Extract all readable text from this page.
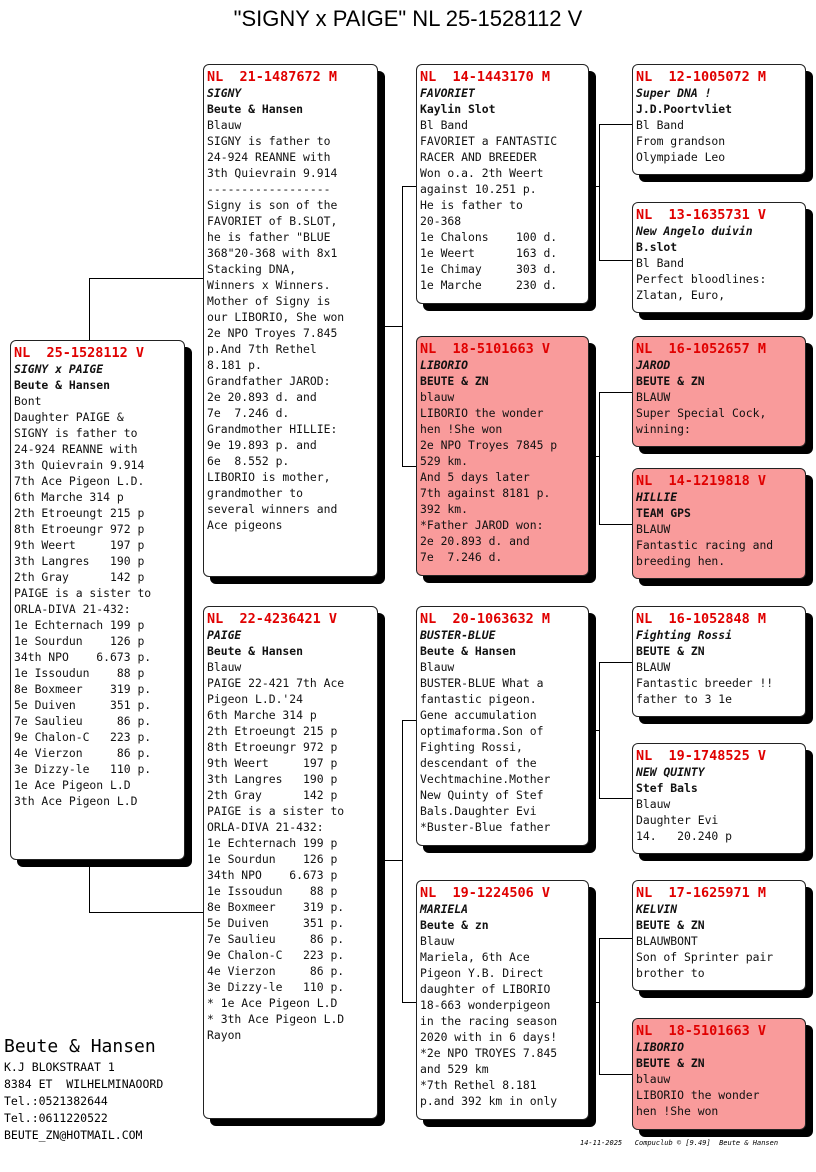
"SIGNY x PAIGE" NL 25-1528112 V
NL  25-1528112 V
SIGNY x PAIGE
Beute & Hansen
Bont
Daughter PAIGE &
SIGNY is father to
24-924 REANNE with
3th Quievrain 9.914
7th Ace Pigeon L.D.
6th Marche 314 p
2th Etroeungt 215 p
8th Etroeungr 972 p
9th Weert     197 p
3th Langres   190 p
2th Gray      142 p
PAIGE is a sister to
ORLA-DIVA 21-432:
1e Echternach 199 p
1e Sourdun    126 p
34th NPO    6.673 p.
1e Issoudun    88 p
8e Boxmeer    319 p.
5e Duiven     351 p.
7e Saulieu     86 p.
9e Chalon-C   223 p.
4e Vierzon     86 p.
3e Dizzy-le   110 p.
1e Ace Pigeon L.D
3th Ace Pigeon L.D
NL  21-1487672 M
SIGNY
Beute & Hansen
Blauw
SIGNY is father to
24-924 REANNE with
3th Quievrain 9.914
------------------
Signy is son of the
FAVORIET of B.SLOT,
he is father "BLUE
368"20-368 with 8x1
Stacking DNA,
Winners x Winners.
Mother of Signy is
our LIBORIO, She won
2e NPO Troyes 7.845
p.And 7th Rethel
8.181 p.
Grandfather JAROD:
2e 20.893 d. and
7e  7.246 d.
Grandmother HILLIE:
9e 19.893 p. and
6e  8.552 p.
LIBORIO is mother,
grandmother to
several winners and
Ace pigeons
NL  22-4236421 V
PAIGE
Beute & Hansen
Blauw
PAIGE 22-421 7th Ace
Pigeon L.D.'24
6th Marche 314 p
2th Etroeungt 215 p
8th Etroeungr 972 p
9th Weert     197 p
3th Langres   190 p
2th Gray      142 p
PAIGE is a sister to
ORLA-DIVA 21-432:
1e Echternach 199 p
1e Sourdun    126 p
34th NPO    6.673 p
1e Issoudun    88 p
8e Boxmeer    319 p.
5e Duiven     351 p.
7e Saulieu     86 p.
9e Chalon-C   223 p.
4e Vierzon     86 p.
3e Dizzy-le   110 p.
* 1e Ace Pigeon L.D
* 3th Ace Pigeon L.D
Rayon
NL  14-1443170 M
FAVORIET
Kaylin Slot
Bl Band
FAVORIET a FANTASTIC
RACER AND BREEDER
Won o.a. 2th Weert
against 10.251 p.
He is father to
20-368
1e Chalons    100 d.
1e Weert      163 d.
1e Chimay     303 d.
1e Marche     230 d.
NL  18-5101663 V
LIBORIO
BEUTE & ZN
blauw
LIBORIO the wonder
hen !She won
2e NPO Troyes 7845 p
529 km.
And 5 days later
7th against 8181 p.
392 km.
*Father JAROD won:
2e 20.893 d. and
7e  7.246 d.
NL  20-1063632 M
BUSTER-BLUE
Beute & Hansen
Blauw
BUSTER-BLUE What a
fantastic pigeon.
Gene accumulation
optimaforma.Son of
Fighting Rossi,
descendant of the
Vechtmachine.Mother
New Quinty of Stef
Bals.Daughter Evi
*Buster-Blue father
NL  19-1224506 V
MARIELA
Beute & zn
Blauw
Mariela, 6th Ace
Pigeon Y.B. Direct
daughter of LIBORIO
18-663 wonderpigeon
in the racing season
2020 with in 6 days!
*2e NPO TROYES 7.845
and 529 km
*7th Rethel 8.181
p.and 392 km in only
NL  12-1005072 M
Super DNA !
J.D.Poortvliet
Bl Band
From grandson
Olympiade Leo
NL  13-1635731 V
New Angelo duivin
B.slot
Bl Band
Perfect bloodlines:
Zlatan, Euro,
NL  16-1052657 M
JAROD
BEUTE & ZN
BLAUW
Super Special Cock,
winning:
NL  14-1219818 V
HILLIE
TEAM GPS
BLAUW
Fantastic racing and
breeding hen.
NL  16-1052848 M
Fighting Rossi
BEUTE & ZN
BLAUW
Fantastic breeder !!
father to 3 1e
NL  19-1748525 V
NEW QUINTY
Stef Bals
Blauw
Daughter Evi
14.   20.240 p
NL  17-1625971 M
KELVIN
BEUTE & ZN
BLAUWBONT
Son of Sprinter pair
brother to
NL  18-5101663 V
LIBORIO
BEUTE & ZN
blauw
LIBORIO the wonder
hen !She won
Beute & Hansen
K.J BLOKSTRAAT 1
8384 ET  WILHELMINAOORD
Tel.:0521382644
Tel.:0611220522
BEUTE_ZN@HOTMAIL.COM
14-11-2025   Compuclub © [9.49]  Beute & Hansen
